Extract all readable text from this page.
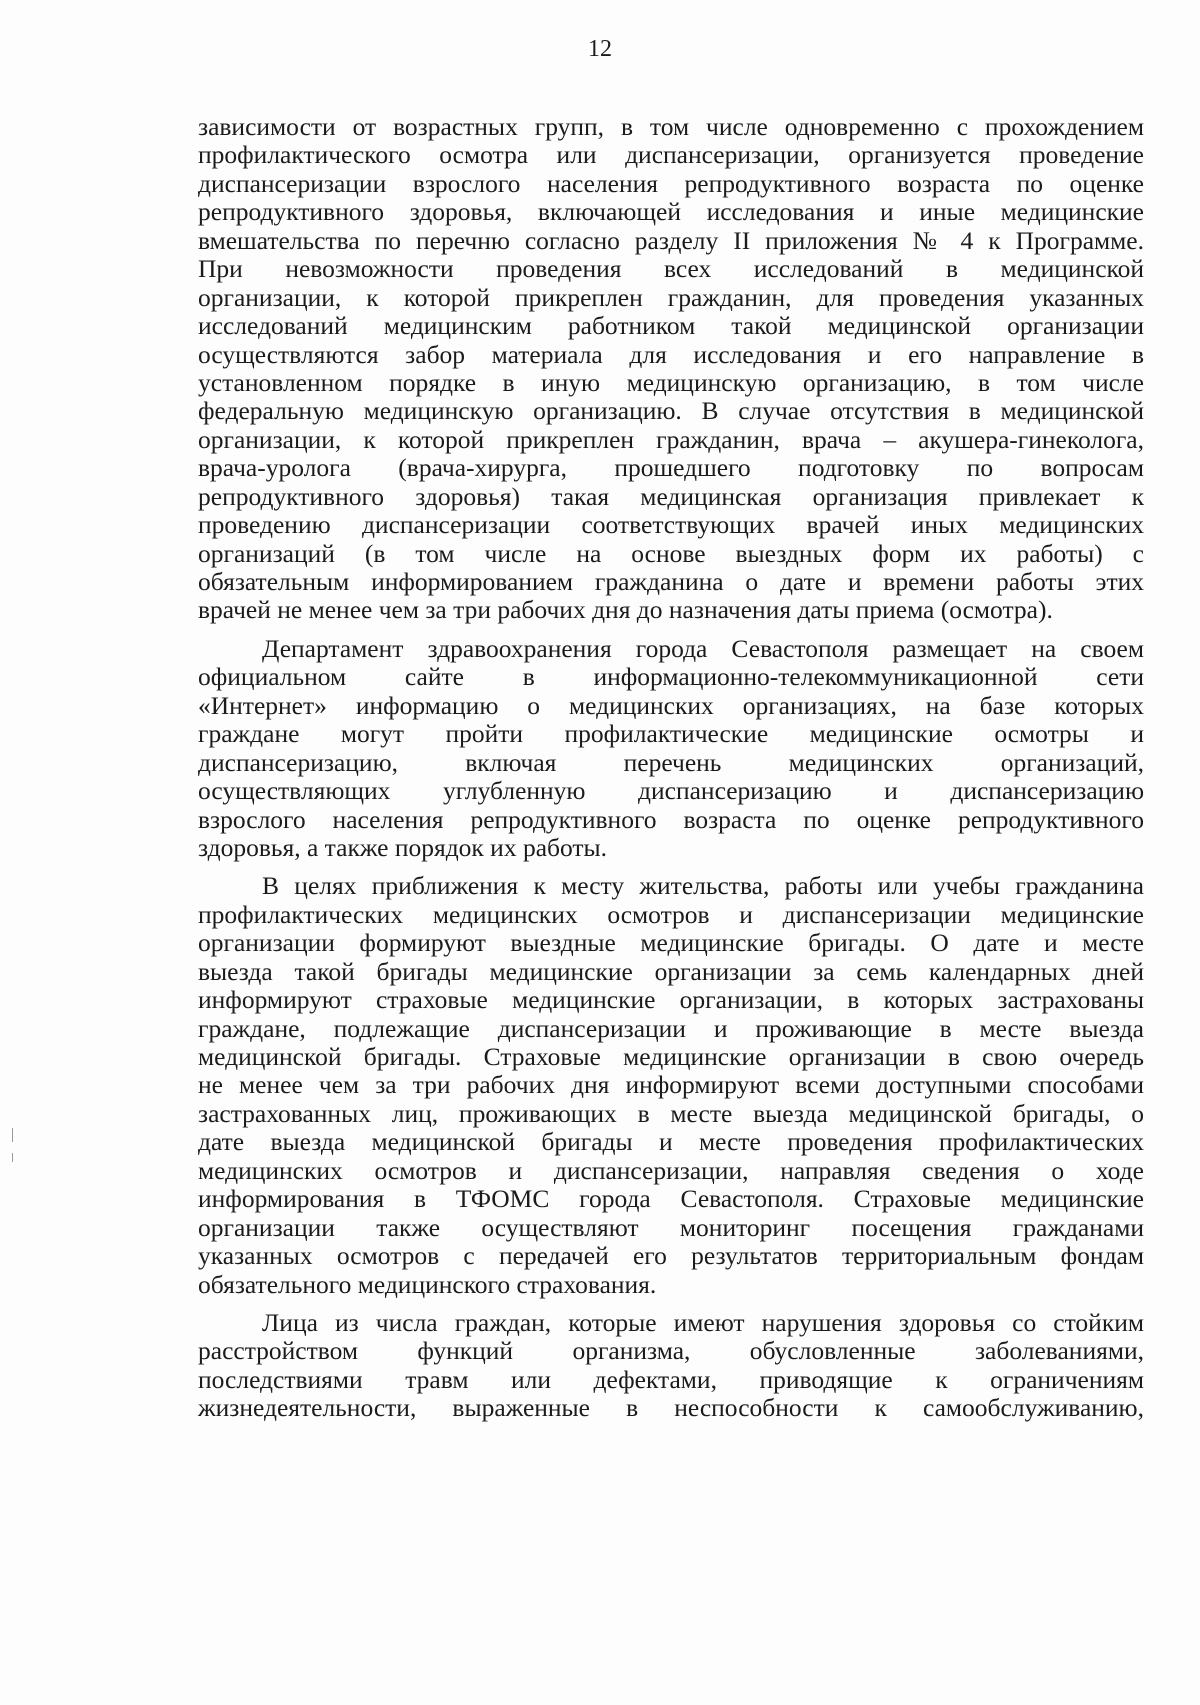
12
зависимости от возрастных групп, в том числе одновременно с прохождением
профилактического осмотра или диспансеризации, организуется проведение
диспансеризации взрослого населения репродуктивного возраста по оценке
репродуктивного здоровья, включающей исследования и иные медицинские
вмешательства по перечню согласно разделу II приложения № 4 к Программе.
При невозможности проведения всех исследований в медицинской
организации, к которой прикреплен гражданин, для проведения указанных
исследований медицинским работником такой медицинской организации
осуществляются забор материала для исследования и его направление в
установленном порядке в иную медицинскую организацию, в том числе
федеральную медицинскую организацию. В случае отсутствия в медицинской
организации, к которой прикреплен гражданин, врача – акушера-гинеколога,
врача-уролога (врача-хирурга, прошедшего подготовку по вопросам
репродуктивного здоровья) такая медицинская организация привлекает к
проведению диспансеризации соответствующих врачей иных медицинских
организаций (в том числе на основе выездных форм их работы) с
обязательным информированием гражданина о дате и времени работы этих
врачей не менее чем за три рабочих дня до назначения даты приема (осмотра).
Департамент здравоохранения города Севастополя размещает на своем
официальном сайте в информационно-телекоммуникационной сети
«Интернет» информацию о медицинских организациях, на базе которых
граждане могут пройти профилактические медицинские осмотры и
диспансеризацию, включая перечень медицинских организаций,
осуществляющих углубленную диспансеризацию и диспансеризацию
взрослого населения репродуктивного возраста по оценке репродуктивного
здоровья, а также порядок их работы.
В целях приближения к месту жительства, работы или учебы гражданина
профилактических медицинских осмотров и диспансеризации медицинские
организации формируют выездные медицинские бригады. О дате и месте
выезда такой бригады медицинские организации за семь календарных дней
информируют страховые медицинские организации, в которых застрахованы
граждане, подлежащие диспансеризации и проживающие в месте выезда
медицинской бригады. Страховые медицинские организации в свою очередь
не менее чем за три рабочих дня информируют всеми доступными способами
застрахованных лиц, проживающих в месте выезда медицинской бригады, о
дате выезда медицинской бригады и месте проведения профилактических
медицинских осмотров и диспансеризации, направляя сведения о ходе
информирования в ТФОМС города Севастополя. Страховые медицинские
организации также осуществляют мониторинг посещения гражданами
указанных осмотров с передачей его результатов территориальным фондам
обязательного медицинского страхования.
Лица из числа граждан, которые имеют нарушения здоровья со стойким
расстройством функций организма, обусловленные заболеваниями,
последствиями травм или дефектами, приводящие к ограничениям
жизнедеятельности, выраженные в неспособности к самообслуживанию,
